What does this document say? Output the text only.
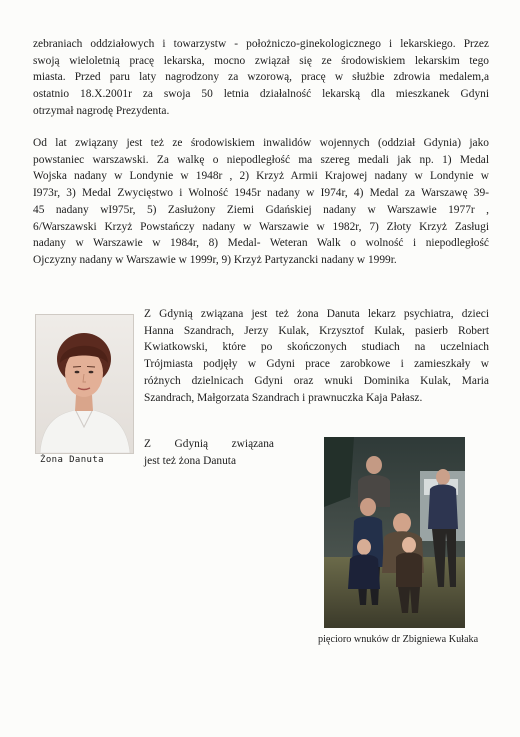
zebraniach oddziałowych i towarzystw - położniczo-ginekologicznego i lekarskiego. Przez
swoją wieloletnią pracę lekarska, mocno związał się ze środowiskiem lekarskim tego
miasta. Przed paru laty nagrodzony za wzorową, pracę w służbie zdrowia medalem,a
ostatnio 18.X.2001r za swoja 50 letnia działalność lekarską dla mieszkanek Gdyni
otrzymał nagrodę Prezydenta.
Od lat związany jest też ze środowiskiem inwalidów wojennych (oddział Gdynia) jako
powstaniec warszawski. Za walkę o niepodległość ma szereg medali jak np. 1) Medal
Wojska nadany w Londynie w 1948r , 2) Krzyż Armii Krajowej nadany w Londynie w
I973r, 3) Medal Zwycięstwo i Wolność 1945r nadany w I974r, 4) Medal za Warszawę 39-
45 nadany wI975r, 5) Zasłużony Ziemi Gdańskiej nadany w Warszawie 1977r ,
6/Warszawski Krzyż Powstańczy nadany w Warszawie w 1982r, 7) Złoty Krzyż Zasługi
nadany w Warszawie w 1984r, 8) Medal- Weteran Walk o wolność i niepodległość
Ojczyzny nadany w Warszawie w 1999r, 9) Krzyż Partyzancki nadany w 1999r.
Z Gdynią związana jest też żona Danuta lekarz psychiatra, dzieci
Hanna Szandrach, Jerzy Kulak, Krzysztof Kulak, pasierb Robert
Kwiatkowski, które po skończonych studiach na uczelniach
Trójmiasta podjęły w Gdyni prace zarobkowe i zamieszkały w
różnych dzielnicach Gdyni oraz wnuki Dominika Kulak, Maria
Szandrach, Małgorzata Szandrach i prawnuczka Kaja Pałasz.
Żona Danuta
Z Gdynią związana
jest też żona Danuta
pięcioro wnuków dr Zbigniewa Kułaka
